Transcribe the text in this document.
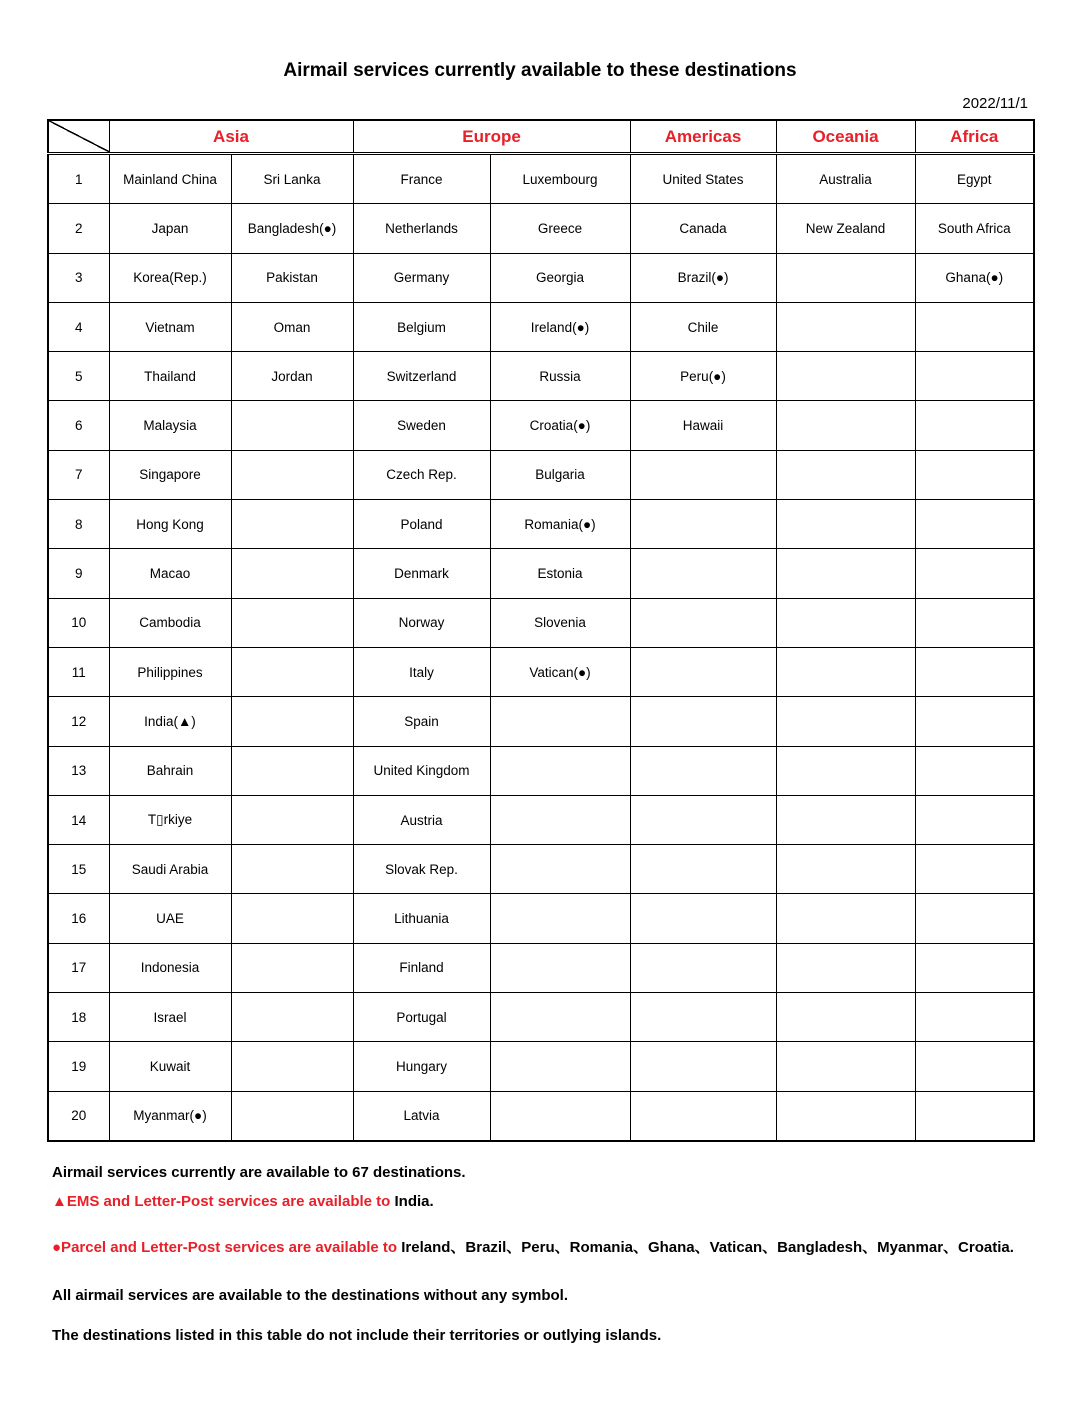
Airmail services currently available to these destinations
2022/11/1
	Asia		Europe		Americas	Oceania	Africa
1	Mainland China	Sri Lanka	France	Luxembourg	United States	Australia	Egypt
2	Japan	Bangladesh(●)	Netherlands	Greece	Canada	New Zealand	South Africa
3	Korea(Rep.)	Pakistan	Germany	Georgia	Brazil(●)		Ghana(●)
4	Vietnam	Oman	Belgium	Ireland(●)	Chile		
5	Thailand	Jordan	Switzerland	Russia	Peru(●)		
6	Malaysia		Sweden	Croatia(●)	Hawaii		
7	Singapore		Czech Rep.	Bulgaria			
8	Hong Kong		Poland	Romania(●)			
9	Macao		Denmark	Estonia			
10	Cambodia		Norway	Slovenia			
11	Philippines		Italy	Vatican(●)			
12	India(▲)		Spain				
13	Bahrain		United Kingdom				
14	T▯rkiye		Austria				
15	Saudi Arabia		Slovak Rep.				
16	UAE		Lithuania				
17	Indonesia		Finland				
18	Israel		Portugal				
19	Kuwait		Hungary				
20	Myanmar(●)		Latvia				

Airmail services currently are available to 67 destinations.

▲EMS and Letter-Post services are available to India.

●Parcel and Letter-Post services are available to Ireland、Brazil、Peru、Romania、Ghana、Vatican、Bangladesh、Myanmar、Croatia.

All airmail services are available to the destinations without any symbol.

The destinations listed in this table do not include their territories or outlying islands.
